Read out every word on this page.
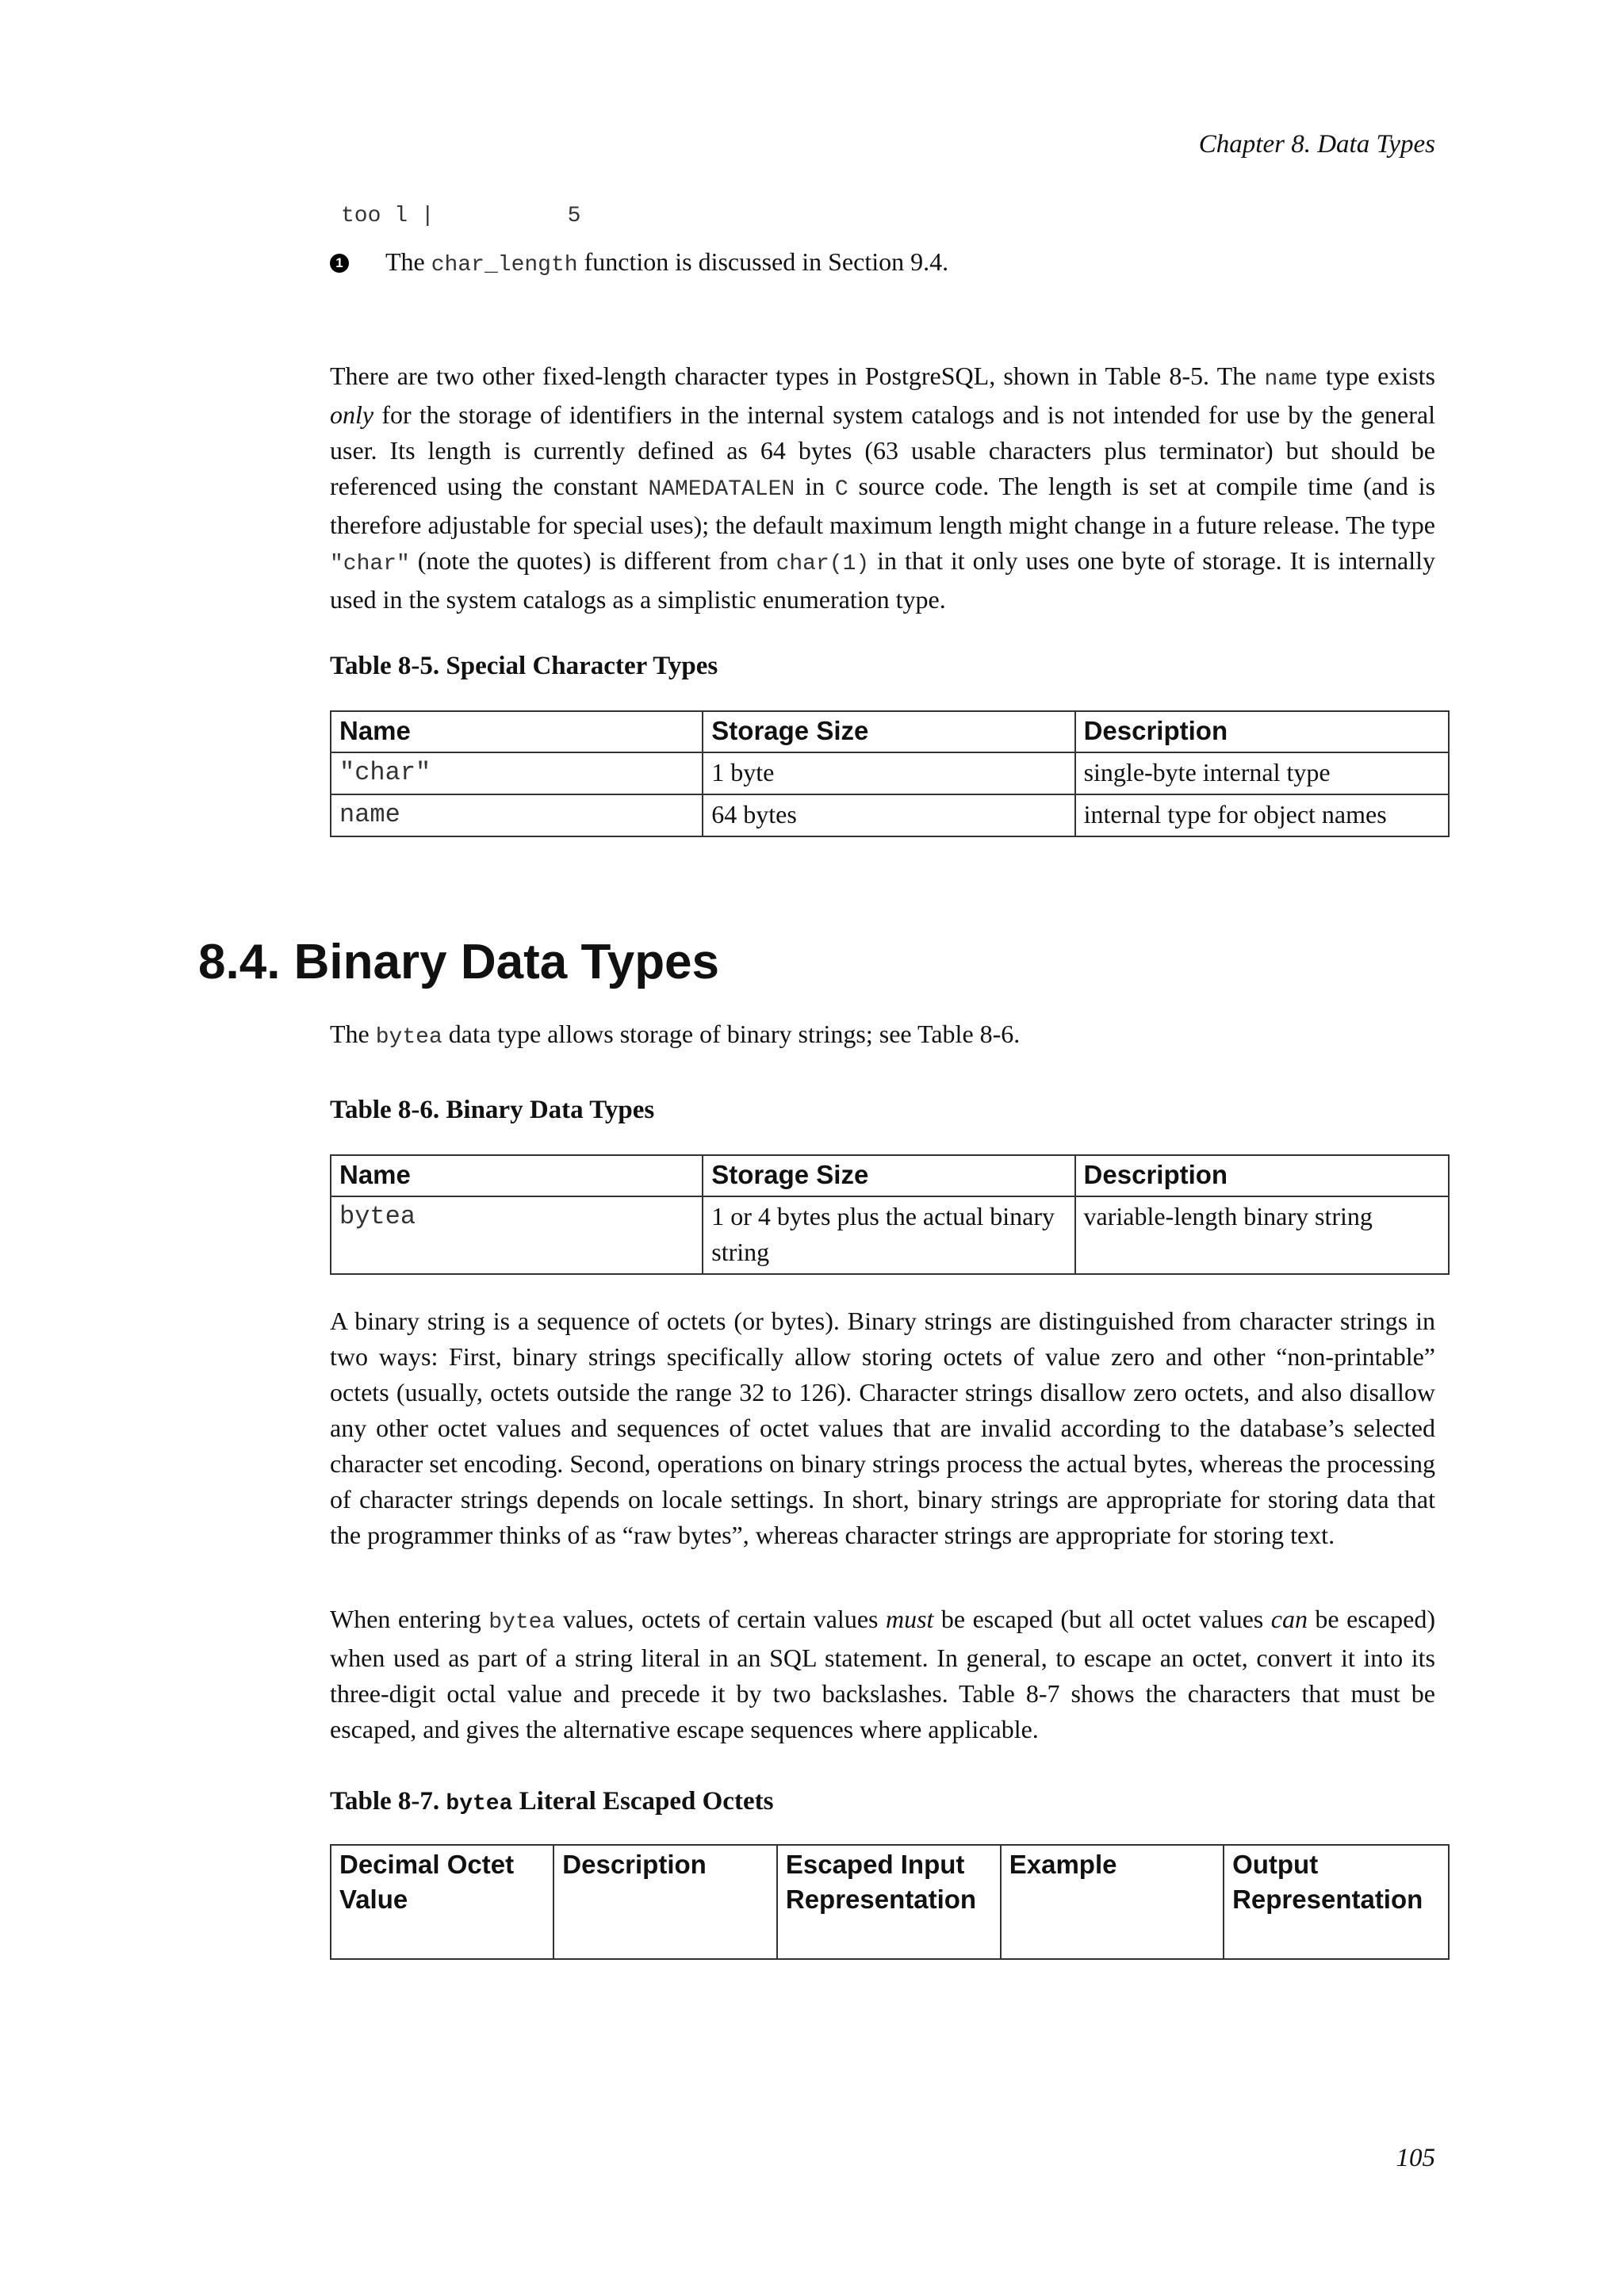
Chapter 8. Data Types
too l |          5
1 The char_length function is discussed in Section 9.4.

There are two other fixed-length character types in PostgreSQL, shown in Table 8-5. The name type exists only for the storage of identifiers in the internal system catalogs and is not intended for use by the general user. Its length is currently defined as 64 bytes (63 usable characters plus terminator) but should be referenced using the constant NAMEDATALEN in C source code. The length is set at compile time (and is therefore adjustable for special uses); the default maximum length might change in a future release. The type "char" (note the quotes) is different from char(1) in that it only uses one byte of storage. It is internally used in the system catalogs as a simplistic enumeration type.

Table 8-5. Special Character Types
Name	Storage Size	Description
"char"	1 byte	single-byte internal type
name	64 bytes	internal type for object names
8.4. Binary Data Types

The bytea data type allows storage of binary strings; see Table 8-6.

Table 8-6. Binary Data Types
Name	Storage Size	Description
bytea	1 or 4 bytes plus the actual binary string	variable-length binary string

A binary string is a sequence of octets (or bytes). Binary strings are distinguished from character strings in two ways: First, binary strings specifically allow storing octets of value zero and other “non-printable” octets (usually, octets outside the range 32 to 126). Character strings disallow zero octets, and also disallow any other octet values and sequences of octet values that are invalid according to the database’s selected character set encoding. Second, operations on binary strings process the actual bytes, whereas the processing of character strings depends on locale settings. In short, binary strings are appropriate for storing data that the programmer thinks of as “raw bytes”, whereas character strings are appropriate for storing text.

When entering bytea values, octets of certain values must be escaped (but all octet values can be escaped) when used as part of a string literal in an SQL statement. In general, to escape an octet, convert it into its three-digit octal value and precede it by two backslashes. Table 8-7 shows the characters that must be escaped, and gives the alternative escape sequences where applicable.

Table 8-7. bytea Literal Escaped Octets
Decimal Octet Value	Description	Escaped Input Representation	Example	Output Representation
105
